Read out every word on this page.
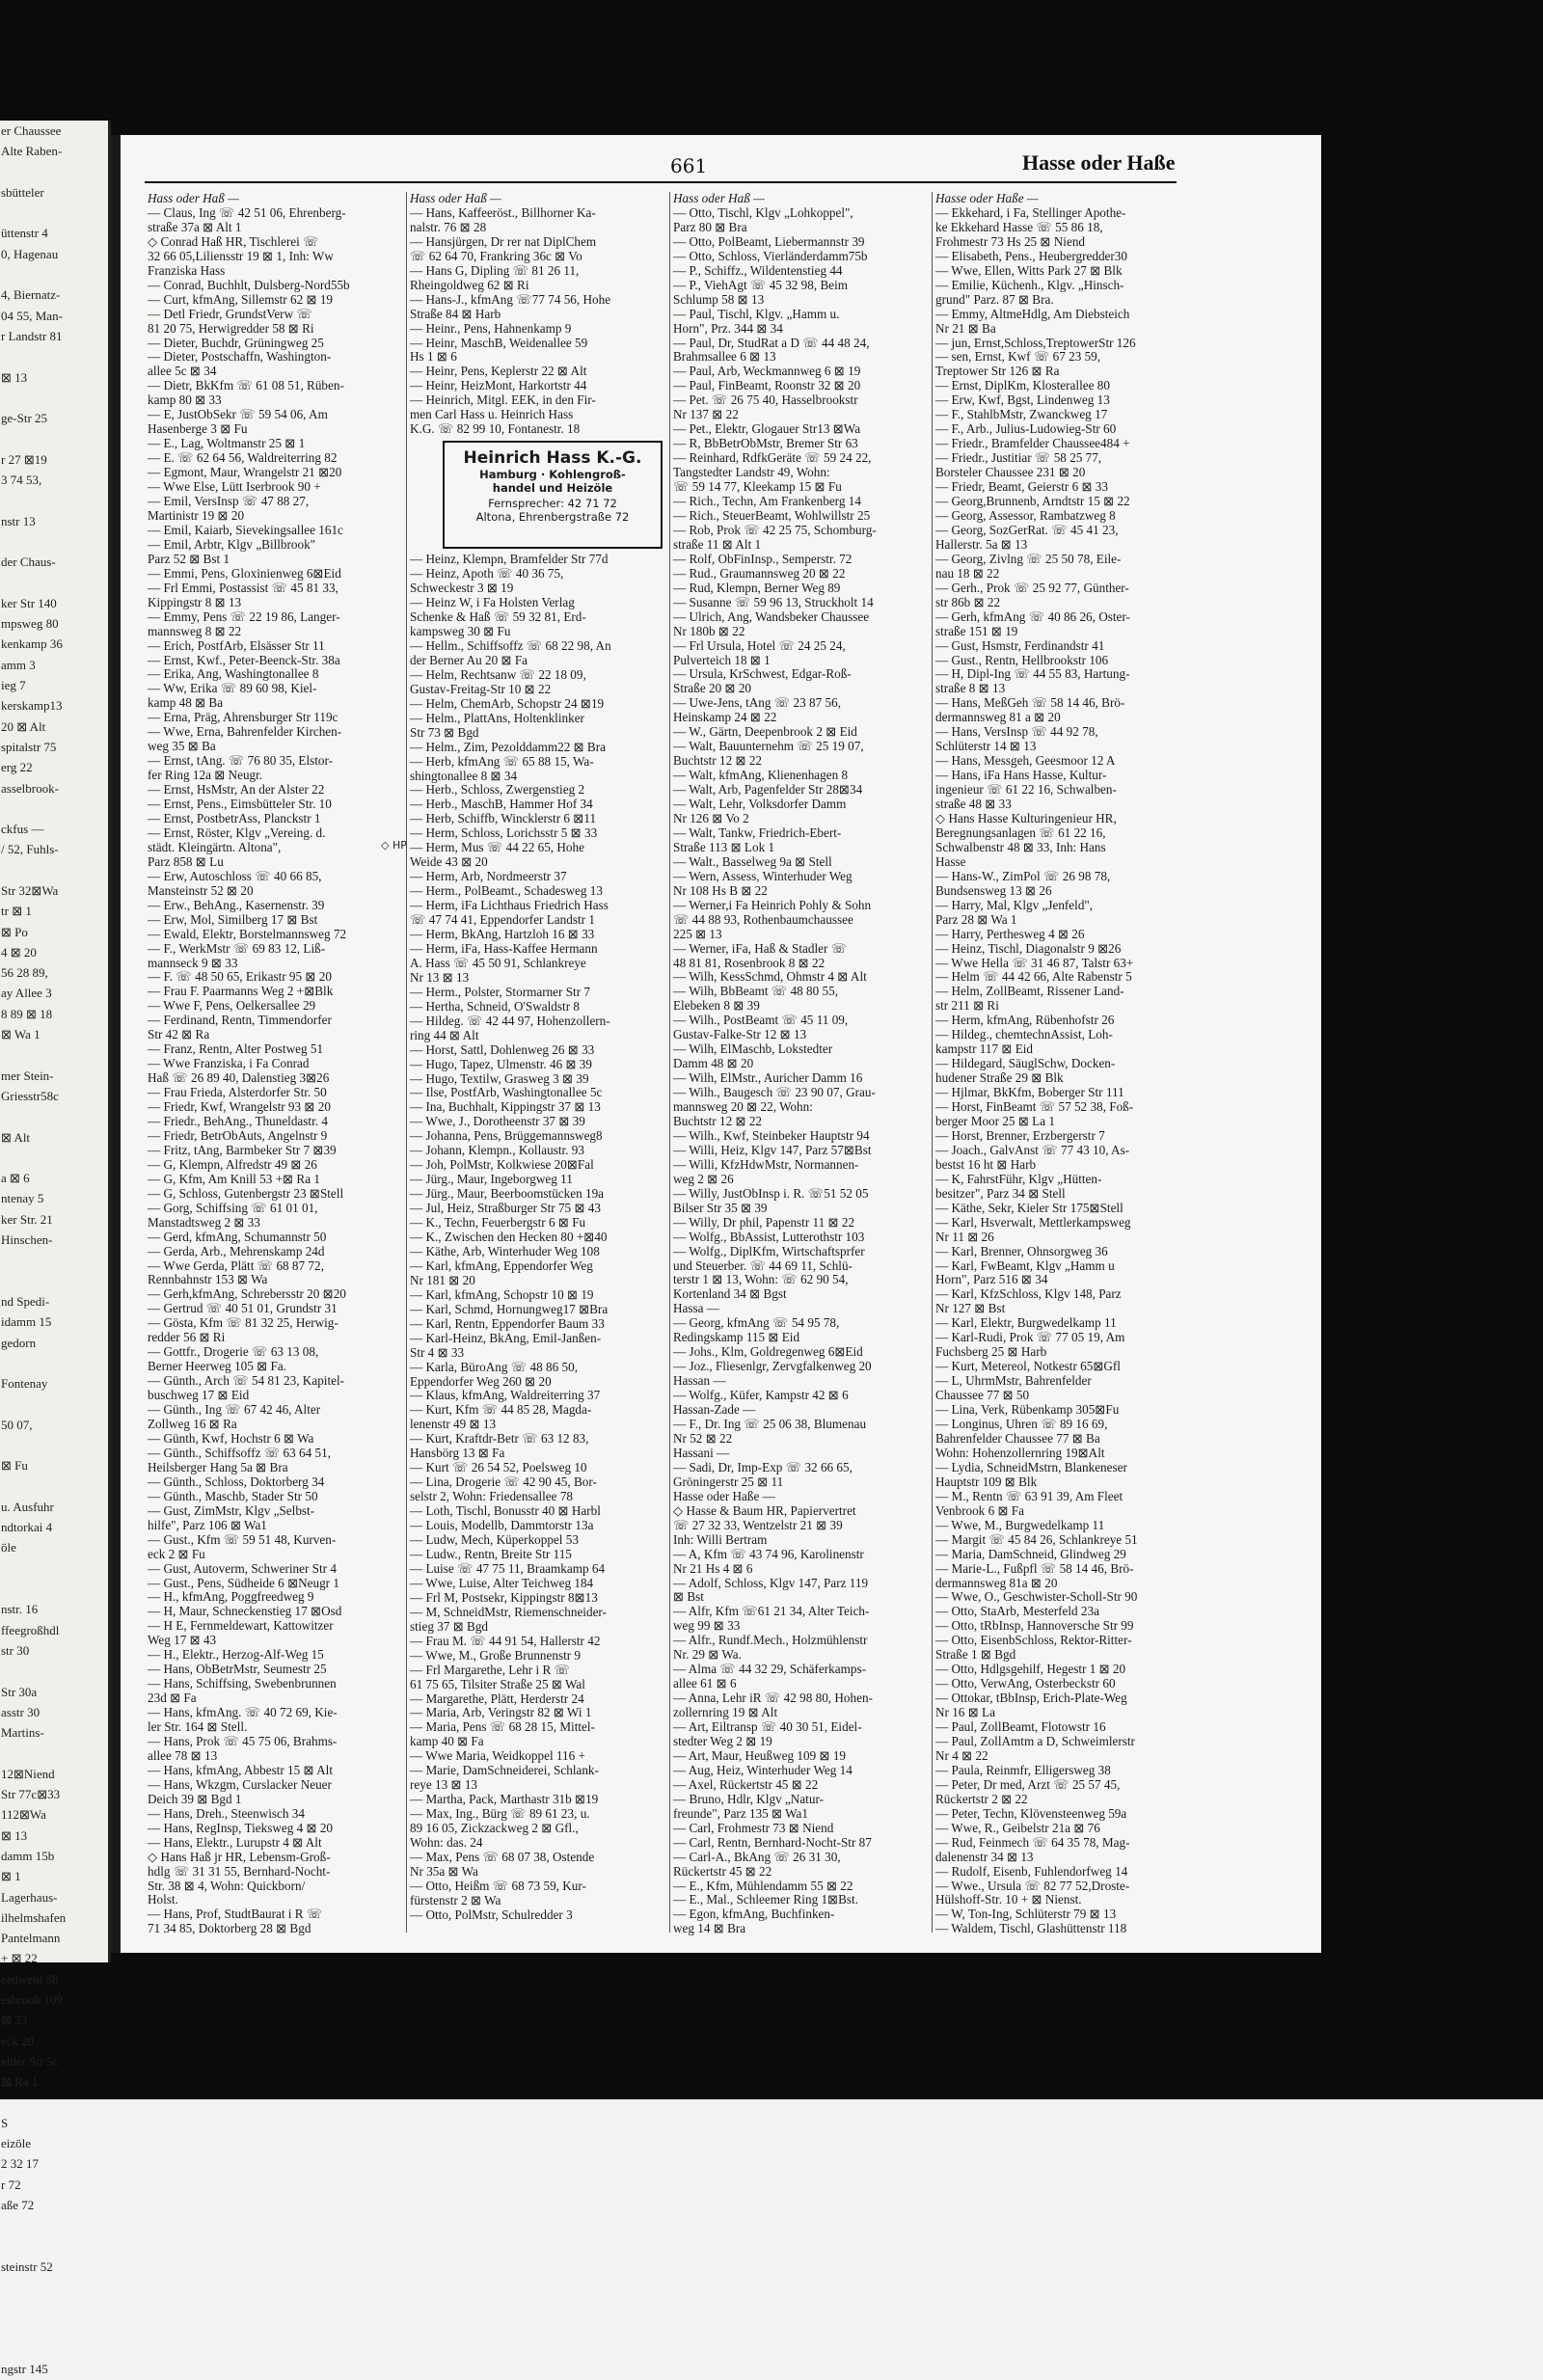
er Chaussee
Alte Raben-

sbütteler

üttenstr 4
0, Hagenau

4, Biernatz-
04 55, Man-
r Landstr 81

⊠ 13

ge-Str 25

r 27 ⊠19
3 74 53,

nstr 13

der Chaus-

ker Str 140
mpsweg 80
kenkamp 36
amm 3
ieg 7
kerskamp13
20 ⊠ Alt
spitalstr 75
erg 22
asselbrook-

ckfus —
/ 52, Fuhls-

Str 32⊠Wa
tr ⊠ 1
⊠ Po
4 ⊠ 20
56 28 89,
ay Allee 3
8 89 ⊠ 18
⊠ Wa 1

mer Stein-
Griesstr58c

⊠ Alt

a ⊠ 6
ntenay 5
ker Str. 21
Hinschen-

nd Spedi-
idamm 15
gedorn

Fontenay

50 07,

⊠ Fu

u. Ausfuhr
ndtorkai 4
öle

nstr. 16
ffeegroßhdl
str 30

Str 30a
asstr 30
Martins-

12⊠Niend
Str 77c⊠33
112⊠Wa
⊠ 13
damm 15b
⊠ 1
Lagerhaus-
ilhelmshafen
Pantelmann
+ ⊠ 22
eedweid 58
esbrook 109
⊠ 33
eck 20
elder Str 5c
⊠ Ra 1

S
eizöle
2 32 17
r 72
aße 72

steinstr 52

ngstr 145
661	Hasse oder Haße
Hass oder Haß —
— Claus, Ing ☏ 42 51 06, Ehrenberg-
straße 37a ⊠ Alt 1
◇ Conrad Haß HR, Tischlerei ☏
32 66 05,Liliensstr 19 ⊠ 1, Inh: Ww
Franziska Hass
— Conrad, Buchhlt, Dulsberg-Nord55b
— Curt, kfmAng, Sillemstr 62 ⊠ 19
— Detl Friedr, GrundstVerw ☏
81 20 75, Herwigredder 58 ⊠ Ri
— Dieter, Buchdr, Grüningweg 25
— Dieter, Postschaffn, Washington-
allee 5c ⊠ 34
— Dietr, BkKfm ☏ 61 08 51, Rüben-
kamp 80 ⊠ 33
— E, JustObSekr ☏ 59 54 06, Am
Hasenberge 3 ⊠ Fu
— E., Lag, Woltmanstr 25 ⊠ 1
— E. ☏ 62 64 56, Waldreiterring 82
— Egmont, Maur, Wrangelstr 21 ⊠20
— Wwe Else, Lütt Iserbrook 90 +
— Emil, VersInsp ☏ 47 88 27,
Martinistr 19 ⊠ 20
— Emil, Kaiarb, Sievekingsallee 161c
— Emil, Arbtr, Klgv „Billbrook"
Parz 52 ⊠ Bst 1
— Emmi, Pens, Gloxinienweg 6⊠Eid
— Frl Emmi, Postassist ☏ 45 81 33,
Kippingstr 8 ⊠ 13
— Emmy, Pens ☏ 22 19 86, Langer-
mannsweg 8 ⊠ 22
— Erich, PostfArb, Elsässer Str 11
— Ernst, Kwf., Peter-Beenck-Str. 38a
— Erika, Ang, Washingtonallee 8
— Ww, Erika ☏ 89 60 98, Kiel-
kamp 48 ⊠ Ba
— Erna, Präg, Ahrensburger Str 119c
— Wwe, Erna, Bahrenfelder Kirchen-
weg 35 ⊠ Ba
— Ernst, tAng. ☏ 76 80 35, Elstor-
fer Ring 12a ⊠ Neugr.
— Ernst, HsMstr, An der Alster 22
— Ernst, Pens., Eimsbütteler Str. 10
— Ernst, PostbetrAss, Planckstr 1
— Ernst, Röster, Klgv „Vereing. d.
städt. Kleingärtn. Altona",
Parz 858 ⊠ Lu
— Erw, Autoschloss ☏ 40 66 85,
Mansteinstr 52 ⊠ 20
— Erw., BehAng., Kasernenstr. 39
— Erw, Mol, Similberg 17 ⊠ Bst
— Ewald, Elektr, Borstelmannsweg 72
— F., WerkMstr ☏ 69 83 12, Liß-
mannseck 9 ⊠ 33
— F. ☏ 48 50 65, Erikastr 95 ⊠ 20
— Frau F. Paarmanns Weg 2 +⊠Blk
— Wwe F, Pens, Oelkersallee 29
— Ferdinand, Rentn, Timmendorfer
Str 42 ⊠ Ra
— Franz, Rentn, Alter Postweg 51
— Wwe Franziska, i Fa Conrad
Haß ☏ 26 89 40, Dalenstieg 3⊠26
— Frau Frieda, Alsterdorfer Str. 50
— Friedr, Kwf, Wrangelstr 93 ⊠ 20
— Friedr., BehAng., Thuneldastr. 4
— Friedr, BetrObAuts, Angelnstr 9
— Fritz, tAng, Barmbeker Str 7 ⊠39
— G, Klempn, Alfredstr 49 ⊠ 26
— G, Kfm, Am Knill 53 +⊠ Ra 1
— G, Schloss, Gutenbergstr 23 ⊠Stell
— Gorg, Schiffsing ☏ 61 01 01,
Manstadtsweg 2 ⊠ 33
— Gerd, kfmAng, Schumannstr 50
— Gerda, Arb., Mehrenskamp 24d
— Wwe Gerda, Plätt ☏ 68 87 72,
Rennbahnstr 153 ⊠ Wa
— Gerh,kfmAng, Schrebersstr 20 ⊠20
— Gertrud ☏ 40 51 01, Grundstr 31
— Gösta, Kfm ☏ 81 32 25, Herwig-
redder 56 ⊠ Ri
— Gottfr., Drogerie ☏ 63 13 08,
Berner Heerweg 105 ⊠ Fa.
— Günth., Arch ☏ 54 81 23, Kapitel-
buschweg 17 ⊠ Eid
— Günth., Ing ☏ 67 42 46, Alter
Zollweg 16 ⊠ Ra
— Günth, Kwf, Hochstr 6 ⊠ Wa
— Günth., Schiffsoffz ☏ 63 64 51,
Heilsberger Hang 5a ⊠ Bra
— Günth., Schloss, Doktorberg 34
— Günth., Maschb, Stader Str 50
— Gust, ZimMstr, Klgv „Selbst-
hilfe", Parz 106 ⊠ Wa1
— Gust., Kfm ☏ 59 51 48, Kurven-
eck 2 ⊠ Fu
— Gust, Autoverm, Schweriner Str 4
— Gust., Pens, Südheide 6 ⊠Neugr 1
— H., kfmAng, Poggfreedweg 9
— H, Maur, Schneckenstieg 17 ⊠Osd
— H E, Fernmeldewart, Kattowitzer
Weg 17 ⊠ 43
— H., Elektr., Herzog-Alf-Weg 15
— Hans, ObBetrMstr, Seumestr 25
— Hans, Schiffsing, Swebenbrunnen
23d ⊠ Fa
— Hans, kfmAng. ☏ 40 72 69, Kie-
ler Str. 164 ⊠ Stell.
— Hans, Prok ☏ 45 75 06, Brahms-
allee 78 ⊠ 13
— Hans, kfmAng, Abbestr 15 ⊠ Alt
— Hans, Wkzgm, Curslacker Neuer
Deich 39 ⊠ Bgd 1
— Hans, Dreh., Steenwisch 34
— Hans, RegInsp, Tieksweg 4 ⊠ 20
— Hans, Elektr., Lurupstr 4 ⊠ Alt
◇ Hans Haß jr HR, Lebensm-Groß-
hdlg ☏ 31 31 55, Bernhard-Nocht-
Str. 38 ⊠ 4, Wohn: Quickborn/
Holst.
— Hans, Prof, StudtBaurat i R ☏
71 34 85, Doktorberg 28 ⊠ Bgd
Hass oder Haß —
— Hans, Kaffeeröst., Billhorner Ka-
nalstr. 76 ⊠ 28
— Hansjürgen, Dr rer nat DiplChem
☏ 62 64 70, Frankring 36c ⊠ Vo
— Hans G, Dipling ☏ 81 26 11,
Rheingoldweg 62 ⊠ Ri
— Hans-J., kfmAng ☏77 74 56, Hohe
Straße 84 ⊠ Harb
— Heinr., Pens, Hahnenkamp 9
— Heinr, MaschB, Weidenallee 59
Hs 1 ⊠ 6
— Heinr, Pens, Keplerstr 22 ⊠ Alt
— Heinr, HeizMont, Harkortstr 44
— Heinrich, Mitgl. EEK, in den Fir-
men Carl Hass u. Heinrich Hass
K.G. ☏ 82 99 10, Fontanestr. 18
Heinrich Hass K.-G.
Hamburg · Kohlengroß-
handel und Heizöle
Fernsprecher: 42 71 72
Altona, Ehrenbergstraße 72
— Heinz, Klempn, Bramfelder Str 77d
— Heinz, Apoth ☏ 40 36 75,
Schweckestr 3 ⊠ 19
— Heinz W, i Fa Holsten Verlag
Schenke & Haß ☏ 59 32 81, Erd-
kampsweg 30 ⊠ Fu
— Hellm., Schiffsoffz ☏ 68 22 98, An
der Berner Au 20 ⊠ Fa
— Helm, Rechtsanw ☏ 22 18 09,
Gustav-Freitag-Str 10 ⊠ 22
— Helm, ChemArb, Schopstr 24 ⊠19
— Helm., PlattAns, Holtenklinker
Str 73 ⊠ Bgd
— Helm., Zim, Pezolddamm22 ⊠ Bra
— Herb, kfmAng ☏ 65 88 15, Wa-
shingtonallee 8 ⊠ 34
— Herb., Schloss, Zwergenstieg 2
— Herb., MaschB, Hammer Hof 34
— Herb, Schiffb, Wincklerstr 6 ⊠11
— Herm, Schloss, Lorichsstr 5 ⊠ 33
— Herm, Mus ☏ 44 22 65, Hohe
Weide 43 ⊠ 20
— Herm, Arb, Nordmeerstr 37
— Herm., PolBeamt., Schadesweg 13
— Herm, iFa Lichthaus Friedrich Hass
☏ 47 74 41, Eppendorfer Landstr 1
— Herm, BkAng, Hartzloh 16 ⊠ 33
— Herm, iFa, Hass-Kaffee Hermann
A. Hass ☏ 45 50 91, Schlankreye
Nr 13 ⊠ 13
— Herm., Polster, Stormarner Str 7
— Hertha, Schneid, O'Swaldstr 8
— Hildeg. ☏ 42 44 97, Hohenzollern-
ring 44 ⊠ Alt
— Horst, Sattl, Dohlenweg 26 ⊠ 33
— Hugo, Tapez, Ulmenstr. 46 ⊠ 39
— Hugo, Textilw, Grasweg 3 ⊠ 39
— Ilse, PostfArb, Washingtonallee 5c
— Ina, Buchhalt, Kippingstr 37 ⊠ 13
— Wwe, J., Dorotheenstr 37 ⊠ 39
— Johanna, Pens, Brüggemannsweg8
— Johann, Klempn., Kollaustr. 93
— Joh, PolMstr, Kolkwiese 20⊠Fal
— Jürg., Maur, Ingeborgweg 11
— Jürg., Maur, Beerboomstücken 19a
— Jul, Heiz, Straßburger Str 75 ⊠ 43
— K., Techn, Feuerbergstr 6 ⊠ Fu
— K., Zwischen den Hecken 80 +⊠40
— Käthe, Arb, Winterhuder Weg 108
— Karl, kfmAng, Eppendorfer Weg
Nr 181 ⊠ 20
— Karl, kfmAng, Schopstr 10 ⊠ 19
— Karl, Schmd, Hornungweg17 ⊠Bra
— Karl, Rentn, Eppendorfer Baum 33
— Karl-Heinz, BkAng, Emil-Janßen-
Str 4 ⊠ 33
— Karla, BüroAng ☏ 48 86 50,
Eppendorfer Weg 260 ⊠ 20
— Klaus, kfmAng, Waldreiterring 37
— Kurt, Kfm ☏ 44 85 28, Magda-
lenenstr 49 ⊠ 13
— Kurt, Kraftdr-Betr ☏ 63 12 83,
Hansbörg 13 ⊠ Fa
— Kurt ☏ 26 54 52, Poelsweg 10
— Lina, Drogerie ☏ 42 90 45, Bor-
selstr 2, Wohn: Friedensallee 78
— Loth, Tischl, Bonusstr 40 ⊠ Harbl
— Louis, Modellb, Dammtorstr 13a
— Ludw, Mech, Küperkoppel 53
— Ludw., Rentn, Breite Str 115
— Luise ☏ 47 75 11, Braamkamp 64
— Wwe, Luise, Alter Teichweg 184
— Frl M, Postsekr, Kippingstr 8⊠13
— M, SchneidMstr, Riemenschneider-
stieg 37 ⊠ Bgd
— Frau M. ☏ 44 91 54, Hallerstr 42
— Wwe, M., Große Brunnenstr 9
— Frl Margarethe, Lehr i R ☏
61 75 65, Tilsiter Straße 25 ⊠ Wal
— Margarethe, Plätt, Herderstr 24
— Maria, Arb, Veringstr 82 ⊠ Wi 1
— Maria, Pens ☏ 68 28 15, Mittel-
kamp 40 ⊠ Fa
— Wwe Maria, Weidkoppel 116 +
— Marie, DamSchneiderei, Schlank-
reye 13 ⊠ 13
— Martha, Pack, Marthastr 31b ⊠19
— Max, Ing., Bürg ☏ 89 61 23, u.
89 16 05, Zickzackweg 2 ⊠ Gfl.,
Wohn: das. 24
— Max, Pens ☏ 68 07 38, Ostende
Nr 35a ⊠ Wa
— Otto, Heißm ☏ 68 73 59, Kur-
fürstenstr 2 ⊠ Wa
— Otto, PolMstr, Schulredder 3
Hass oder Haß —
— Otto, Tischl, Klgv „Lohkoppel",
Parz 80 ⊠ Bra
— Otto, PolBeamt, Liebermannstr 39
— Otto, Schloss, Vierländerdamm75b
— P., Schiffz., Wildentenstieg 44
— P., ViehAgt ☏ 45 32 98, Beim
Schlump 58 ⊠ 13
— Paul, Tischl, Klgv. „Hamm u.
Horn", Prz. 344 ⊠ 34
— Paul, Dr, StudRat a D ☏ 44 48 24,
Brahmsallee 6 ⊠ 13
— Paul, Arb, Weckmannweg 6 ⊠ 19
— Paul, FinBeamt, Roonstr 32 ⊠ 20
— Pet. ☏ 26 75 40, Hasselbrookstr
Nr 137 ⊠ 22
— Pet., Elektr, Glogauer Str13 ⊠Wa
— R, BbBetrObMstr, Bremer Str 63
— Reinhard, RdfkGeräte ☏ 59 24 22,
Tangstedter Landstr 49, Wohn:
☏ 59 14 77, Kleekamp 15 ⊠ Fu
— Rich., Techn, Am Frankenberg 14
— Rich., SteuerBeamt, Wohlwillstr 25
— Rob, Prok ☏ 42 25 75, Schomburg-
straße 11 ⊠ Alt 1
— Rolf, ObFinInsp., Semperstr. 72
— Rud., Graumannsweg 20 ⊠ 22
— Rud, Klempn, Berner Weg 89
— Susanne ☏ 59 96 13, Struckholt 14
— Ulrich, Ang, Wandsbeker Chaussee
Nr 180b ⊠ 22
— Frl Ursula, Hotel ☏ 24 25 24,
Pulverteich 18 ⊠ 1
— Ursula, KrSchwest, Edgar-Roß-
Straße 20 ⊠ 20
— Uwe-Jens, tAng ☏ 23 87 56,
Heinskamp 24 ⊠ 22
— W., Gärtn, Deepenbrook 2 ⊠ Eid
— Walt, Bauunternehm ☏ 25 19 07,
Buchtstr 12 ⊠ 22
— Walt, kfmAng, Klienenhagen 8
— Walt, Arb, Pagenfelder Str 28⊠34
— Walt, Lehr, Volksdorfer Damm
Nr 126 ⊠ Vo 2
— Walt, Tankw, Friedrich-Ebert-
Straße 113 ⊠ Lok 1
— Walt., Basselweg 9a ⊠ Stell
— Wern, Assess, Winterhuder Weg
Nr 108 Hs B ⊠ 22
— Werner,i Fa Heinrich Pohly & Sohn
☏ 44 88 93, Rothenbaumchaussee
225 ⊠ 13
— Werner, iFa, Haß & Stadler ☏
48 81 81, Rosenbrook 8 ⊠ 22
— Wilh, KessSchmd, Ohmstr 4 ⊠ Alt
— Wilh, BbBeamt ☏ 48 80 55,
Elebeken 8 ⊠ 39
— Wilh., PostBeamt ☏ 45 11 09,
Gustav-Falke-Str 12 ⊠ 13
— Wilh, ElMaschb, Lokstedter
Damm 48 ⊠ 20
— Wilh, ElMstr., Auricher Damm 16
— Wilh., Baugesch ☏ 23 90 07, Grau-
mannsweg 20 ⊠ 22, Wohn:
Buchtstr 12 ⊠ 22
— Wilh., Kwf, Steinbeker Hauptstr 94
— Willi, Heiz, Klgv 147, Parz 57⊠Bst
— Willi, KfzHdwMstr, Normannen-
weg 2 ⊠ 26
— Willy, JustObInsp i. R. ☏51 52 05
Bilser Str 35 ⊠ 39
— Willy, Dr phil, Papenstr 11 ⊠ 22
— Wolfg., BbAssist, Lutterothstr 103
— Wolfg., DiplKfm, Wirtschaftsprfer
und Steuerber. ☏ 44 69 11, Schlü-
terstr 1 ⊠ 13, Wohn: ☏ 62 90 54,
Kortenland 34 ⊠ Bgst
Hassa —
— Georg, kfmAng ☏ 54 95 78,
Redingskamp 115 ⊠ Eid
— Johs., Klm, Goldregenweg 6⊠Eid
— Joz., Fliesenlgr, Zervgfalkenweg 20
Hassan —
— Wolfg., Küfer, Kampstr 42 ⊠ 6
Hassan-Zade —
— F., Dr. Ing ☏ 25 06 38, Blumenau
Nr 52 ⊠ 22
Hassani —
— Sadi, Dr, Imp-Exp ☏ 32 66 65,
Gröningerstr 25 ⊠ 11
Hasse oder Haße —
◇ Hasse & Baum HR, Papiervertret
☏ 27 32 33, Wentzelstr 21 ⊠ 39
Inh: Willi Bertram
— A, Kfm ☏ 43 74 96, Karolinenstr
Nr 21 Hs 4 ⊠ 6
— Adolf, Schloss, Klgv 147, Parz 119
⊠ Bst
— Alfr, Kfm ☏61 21 34, Alter Teich-
weg 99 ⊠ 33
— Alfr., Rundf.Mech., Holzmühlenstr
Nr. 29 ⊠ Wa.
— Alma ☏ 44 32 29, Schäferkamps-
allee 61 ⊠ 6
— Anna, Lehr iR ☏ 42 98 80, Hohen-
zollernring 19 ⊠ Alt
— Art, Eiltransp ☏ 40 30 51, Eidel-
stedter Weg 2 ⊠ 19
— Art, Maur, Heußweg 109 ⊠ 19
— Aug, Heiz, Winterhuder Weg 14
— Axel, Rückertstr 45 ⊠ 22
— Bruno, Hdlr, Klgv „Natur-
freunde", Parz 135 ⊠ Wa1
— Carl, Frohmestr 73 ⊠ Niend
— Carl, Rentn, Bernhard-Nocht-Str 87
— Carl-A., BkAng ☏ 26 31 30,
Rückertstr 45 ⊠ 22
— E., Kfm, Mühlendamm 55 ⊠ 22
— E., Mal., Schleemer Ring 1⊠Bst.
— Egon, kfmAng, Buchfinken-
weg 14 ⊠ Bra
Hasse oder Haße —
— Ekkehard, i Fa, Stellinger Apothe-
ke Ekkehard Hasse ☏ 55 86 18,
Frohmestr 73 Hs 25 ⊠ Niend
— Elisabeth, Pens., Heubergredder30
— Wwe, Ellen, Witts Park 27 ⊠ Blk
— Emilie, Küchenh., Klgv. „Hinsch-
grund" Parz. 87 ⊠ Bra.
— Emmy, AltmeHdlg, Am Diebsteich
Nr 21 ⊠ Ba
— jun, Ernst,Schloss,TreptowerStr 126
— sen, Ernst, Kwf ☏ 67 23 59,
Treptower Str 126 ⊠ Ra
— Ernst, DiplKm, Klosterallee 80
— Erw, Kwf, Bgst, Lindenweg 13
— F., StahlbMstr, Zwanckweg 17
— F., Arb., Julius-Ludowieg-Str 60
— Friedr., Bramfelder Chaussee484 +
— Friedr., Justitiar ☏ 58 25 77,
Borsteler Chaussee 231 ⊠ 20
— Friedr, Beamt, Geierstr 6 ⊠ 33
— Georg,Brunnenb, Arndtstr 15 ⊠ 22
— Georg, Assessor, Rambatzweg 8
— Georg, SozGerRat. ☏ 45 41 23,
Hallerstr. 5a ⊠ 13
— Georg, Zivlng ☏ 25 50 78, Eile-
nau 18 ⊠ 22
— Gerh., Prok ☏ 25 92 77, Günther-
str 86b ⊠ 22
— Gerh, kfmAng ☏ 40 86 26, Oster-
straße 151 ⊠ 19
— Gust, Hsmstr, Ferdinandstr 41
— Gust., Rentn, Hellbrookstr 106
— H, Dipl-Ing ☏ 44 55 83, Hartung-
straße 8 ⊠ 13
— Hans, MeßGeh ☏ 58 14 46, Brö-
dermannsweg 81 a ⊠ 20
— Hans, VersInsp ☏ 44 92 78,
Schlüterstr 14 ⊠ 13
— Hans, Messgeh, Geesmoor 12 A
— Hans, iFa Hans Hasse, Kultur-
ingenieur ☏ 61 22 16, Schwalben-
straße 48 ⊠ 33
◇ Hans Hasse Kulturingenieur HR,
Beregnungsanlagen ☏ 61 22 16,
Schwalbenstr 48 ⊠ 33, Inh: Hans
Hasse
— Hans-W., ZimPol ☏ 26 98 78,
Bundsensweg 13 ⊠ 26
— Harry, Mal, Klgv „Jenfeld",
Parz 28 ⊠ Wa 1
— Harry, Perthesweg 4 ⊠ 26
— Heinz, Tischl, Diagonalstr 9 ⊠26
— Wwe Hella ☏ 31 46 87, Talstr 63+
— Helm ☏ 44 42 66, Alte Rabenstr 5
— Helm, ZollBeamt, Rissener Land-
str 211 ⊠ Ri
— Herm, kfmAng, Rübenhofstr 26
— Hildeg., chemtechnAssist, Loh-
kampstr 117 ⊠ Eid
— Hildegard, SäuglSchw, Docken-
hudener Straße 29 ⊠ Blk
— Hjlmar, BkKfm, Boberger Str 111
— Horst, FinBeamt ☏ 57 52 38, Foß-
berger Moor 25 ⊠ La 1
— Horst, Brenner, Erzbergerstr 7
— Joach., GalvAnst ☏ 77 43 10, As-
bestst 16 ht ⊠ Harb
— K, FahrstFühr, Klgv „Hütten-
besitzer", Parz 34 ⊠ Stell
— Käthe, Sekr, Kieler Str 175⊠Stell
— Karl, Hsverwalt, Mettlerkampsweg
Nr 11 ⊠ 26
— Karl, Brenner, Ohnsorgweg 36
— Karl, FwBeamt, Klgv „Hamm u
Horn", Parz 516 ⊠ 34
— Karl, KfzSchloss, Klgv 148, Parz
Nr 127 ⊠ Bst
— Karl, Elektr, Burgwedelkamp 11
— Karl-Rudi, Prok ☏ 77 05 19, Am
Fuchsberg 25 ⊠ Harb
— Kurt, Metereol, Notkestr 65⊠Gfl
— L, UhrmMstr, Bahrenfelder
Chaussee 77 ⊠ 50
— Lina, Verk, Rübenkamp 305⊠Fu
— Longinus, Uhren ☏ 89 16 69,
Bahrenfelder Chaussee 77 ⊠ Ba
Wohn: Hohenzollernring 19⊠Alt
— Lydia, SchneidMstrn, Blankeneser
Hauptstr 109 ⊠ Blk
— M., Rentn ☏ 63 91 39, Am Fleet
Venbrook 6 ⊠ Fa
— Wwe, M., Burgwedelkamp 11
— Margit ☏ 45 84 26, Schlankreye 51
— Maria, DamSchneid, Glindweg 29
— Marie-L., Fußpfl ☏ 58 14 46, Brö-
dermannsweg 81a ⊠ 20
— Wwe, O., Geschwister-Scholl-Str 90
— Otto, StaArb, Mesterfeld 23a
— Otto, tRbInsp, Hannoversche Str 99
— Otto, EisenbSchloss, Rektor-Ritter-
Straße 1 ⊠ Bgd
— Otto, Hdlgsgehilf, Hegestr 1 ⊠ 20
— Otto, VerwAng, Osterbeckstr 60
— Ottokar, tBbInsp, Erich-Plate-Weg
Nr 16 ⊠ La
— Paul, ZollBeamt, Flotowstr 16
— Paul, ZollAmtm a D, Schweimlerstr
Nr 4 ⊠ 22
— Paula, Reinmfr, Elligersweg 38
— Peter, Dr med, Arzt ☏ 25 57 45,
Rückertstr 2 ⊠ 22
— Peter, Techn, Klövenstеenweg 59a
— Wwe, R., Geibelstr 21a ⊠ 76
— Rud, Feinmech ☏ 64 35 78, Mag-
dalenenstr 34 ⊠ 13
— Rudolf, Eisenb, Fuhlendorfweg 14
— Wwe., Ursula ☏ 82 77 52,Droste-
Hülshoff-Str. 10 + ⊠ Nienst.
— W, Ton-Ing, Schlüterstr 79 ⊠ 13
— Waldem, Tischl, Glashüttenstr 118
◇ HP
